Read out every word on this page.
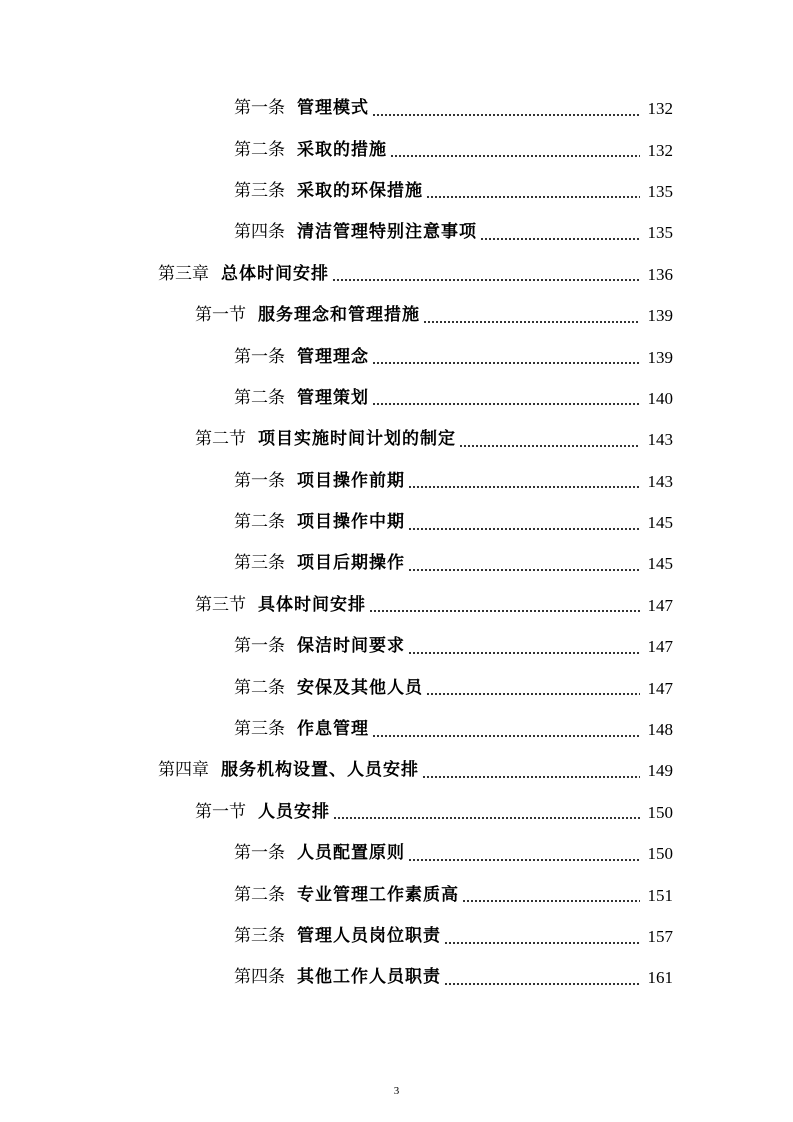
第一条 管理模式	132
第二条 采取的措施	132
第三条 采取的环保措施	135
第四条 清洁管理特别注意事项	135
第三章 总体时间安排	136
第一节 服务理念和管理措施	139
第一条 管理理念	139
第二条 管理策划	140
第二节 项目实施时间计划的制定	143
第一条 项目操作前期	143
第二条 项目操作中期	145
第三条 项目后期操作	145
第三节 具体时间安排	147
第一条 保洁时间要求	147
第二条 安保及其他人员	147
第三条 作息管理	148
第四章 服务机构设置、人员安排	149
第一节 人员安排	150
第一条 人员配置原则	150
第二条 专业管理工作素质高	151
第三条 管理人员岗位职责	157
第四条 其他工作人员职责	161
3
